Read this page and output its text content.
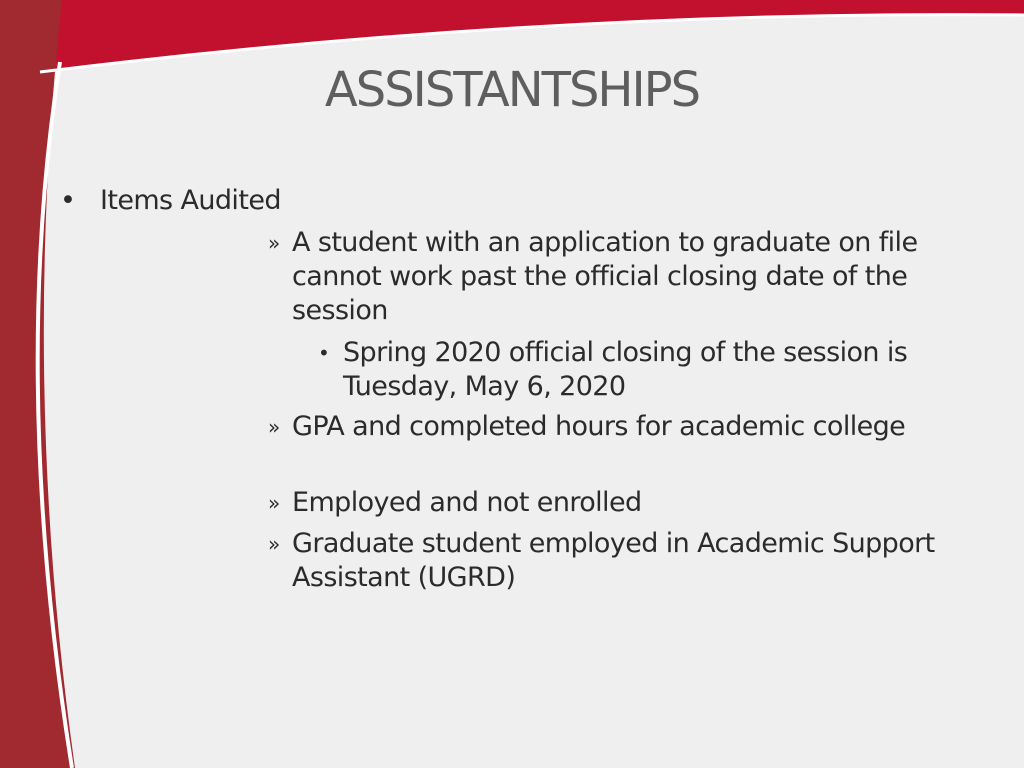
ASSISTANTSHIPS
• Items Audited
» A student with an application to graduate on file cannot work past the official closing date of the session
• Spring 2020 official closing of the session is Tuesday, May 6, 2020
» GPA and completed hours for academic college
» Employed and not enrolled
» Graduate student employed in Academic Support Assistant (UGRD)
